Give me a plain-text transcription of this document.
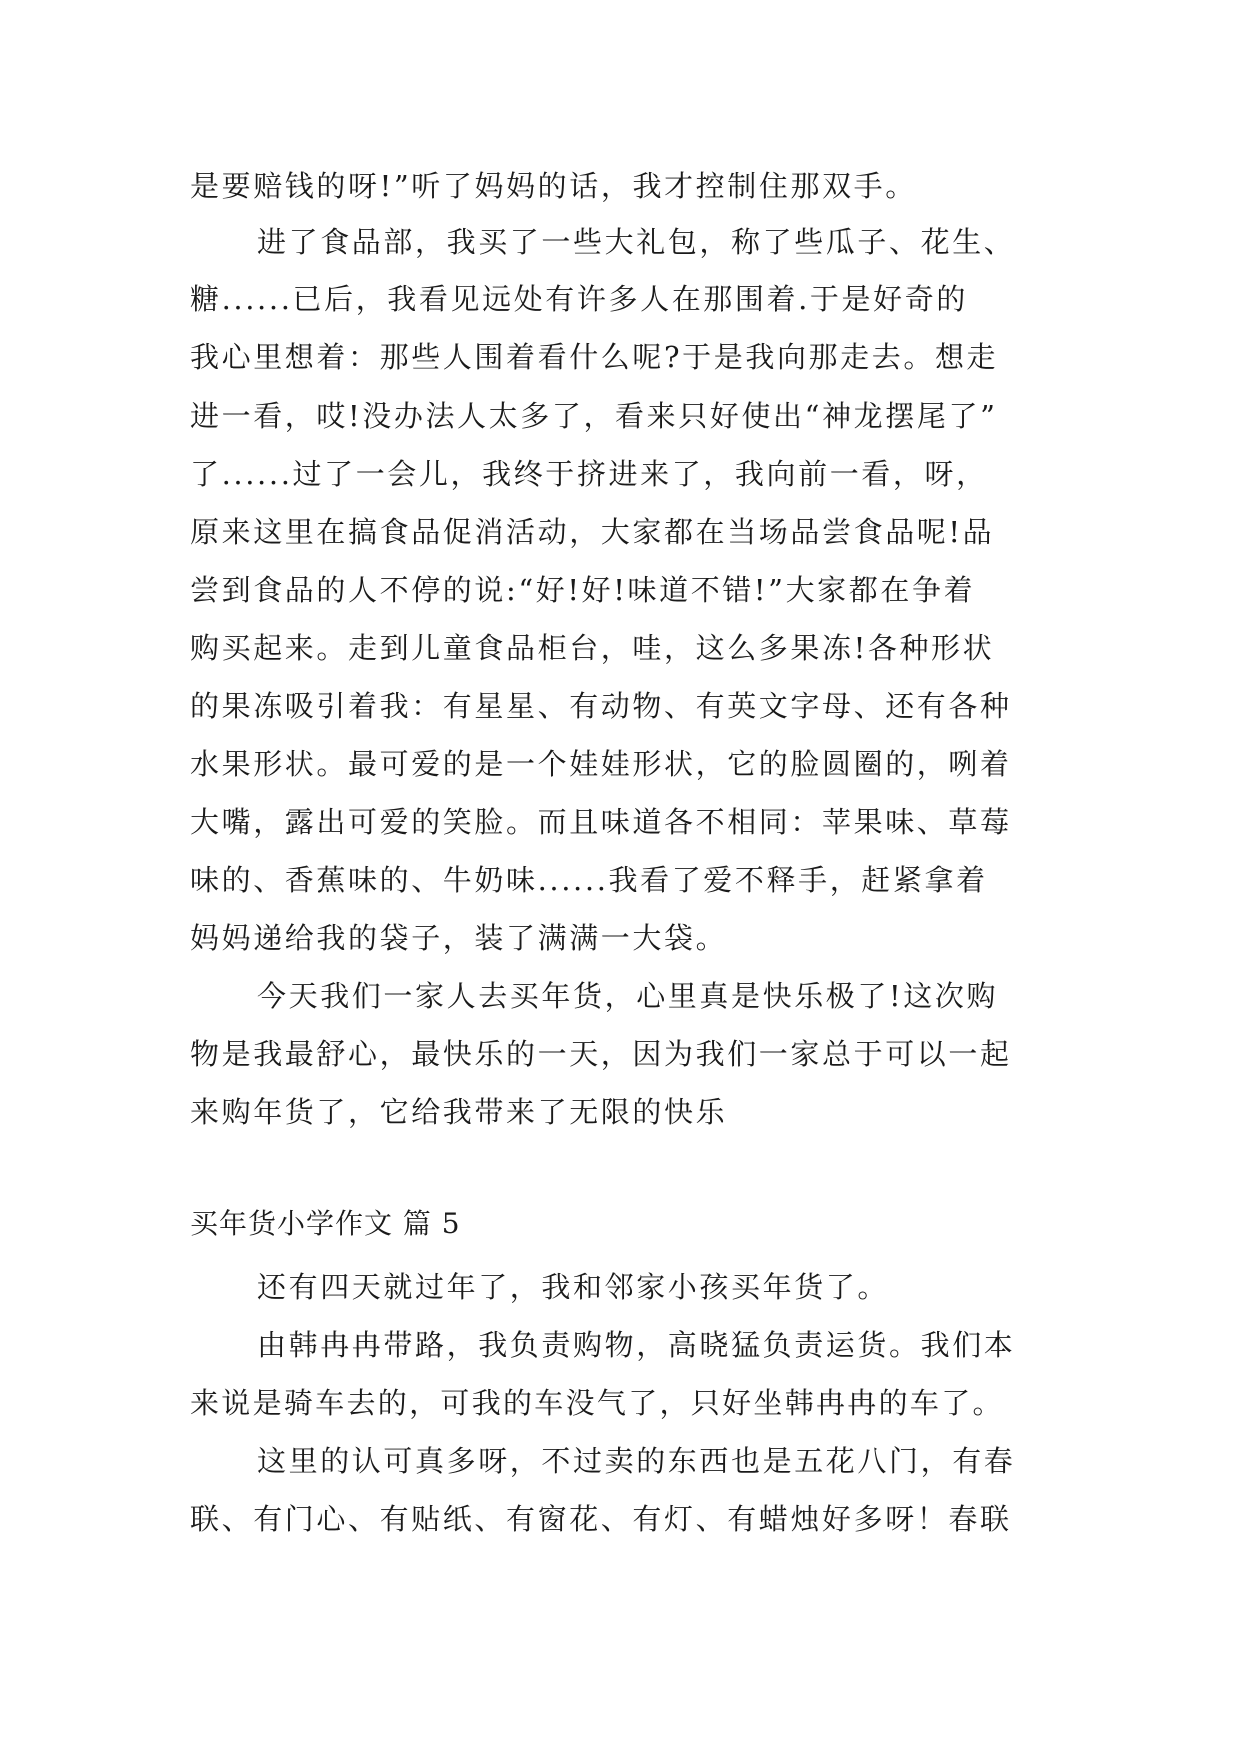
是要赔钱的呀!”听了妈妈的话，我才控制住那双手。
进了食品部，我买了一些大礼包，称了些瓜子、花生、
糖......已后，我看见远处有许多人在那围着.于是好奇的
我心里想着：那些人围着看什么呢?于是我向那走去。想走
进一看，哎!没办法人太多了，看来只好使出“神龙摆尾了”
了......过了一会儿，我终于挤进来了，我向前一看，呀，
原来这里在搞食品促消活动，大家都在当场品尝食品呢!品
尝到食品的人不停的说:“好!好!味道不错!”大家都在争着
购买起来。走到儿童食品柜台，哇，这么多果冻!各种形状
的果冻吸引着我：有星星、有动物、有英文字母、还有各种
水果形状。最可爱的是一个娃娃形状，它的脸圆圈的，咧着
大嘴，露出可爱的笑脸。而且味道各不相同：苹果味、草莓
味的、香蕉味的、牛奶味......我看了爱不释手，赶紧拿着
妈妈递给我的袋子，装了满满一大袋。
今天我们一家人去买年货，心里真是快乐极了!这次购
物是我最舒心，最快乐的一天，因为我们一家总于可以一起
来购年货了，它给我带来了无限的快乐
买年货小学作文 篇 5
还有四天就过年了，我和邻家小孩买年货了。
由韩冉冉带路，我负责购物，高晓猛负责运货。我们本
来说是骑车去的，可我的车没气了，只好坐韩冉冉的车了。
这里的认可真多呀，不过卖的东西也是五花八门，有春
联、有门心、有贴纸、有窗花、有灯、有蜡烛好多呀！春联
